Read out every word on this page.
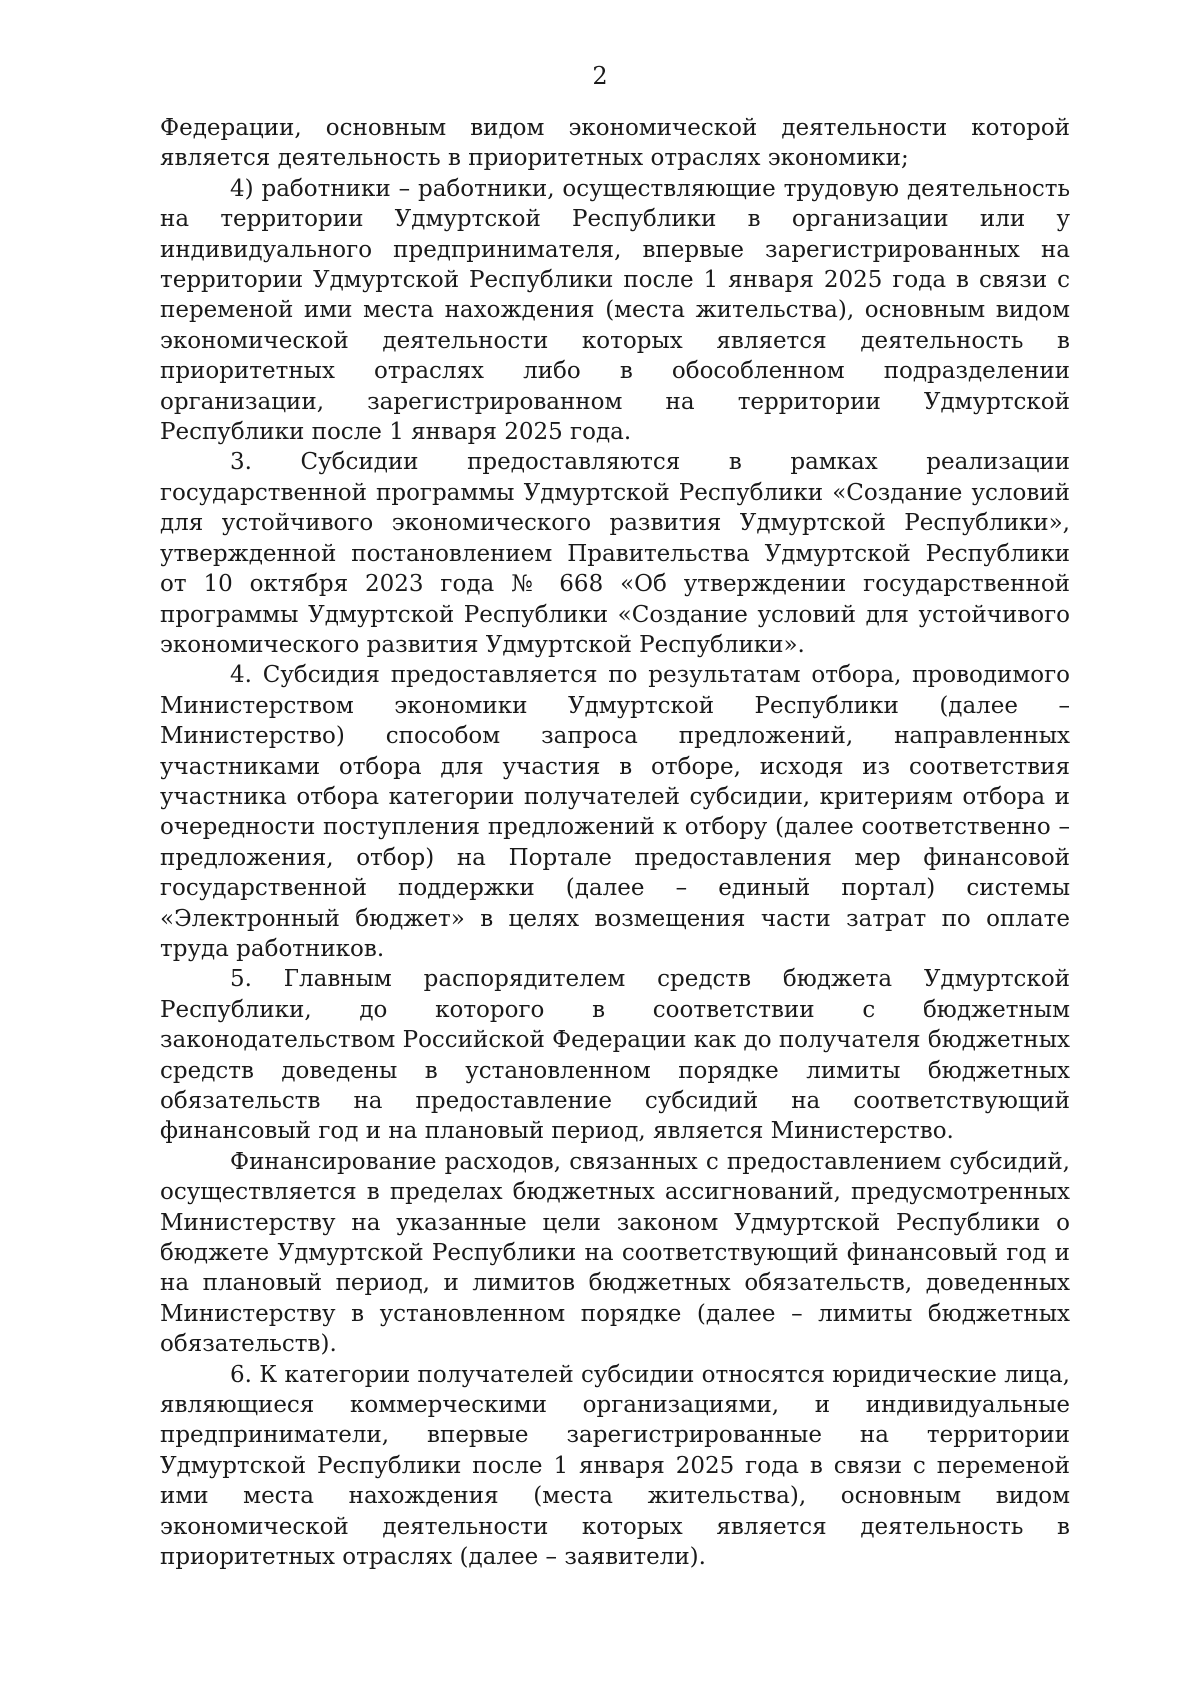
2

Федерации, основным видом экономической деятельности которой является деятельность в приоритетных отраслях экономики;

4) работники – работники, осуществляющие трудовую деятельность на территории Удмуртской Республики в организации или у индивидуального предпринимателя, впервые зарегистрированных на территории Удмуртской Республики после 1 января 2025 года в связи с переменой ими места нахождения (места жительства), основным видом экономической деятельности которых является деятельность в приоритетных отраслях либо в обособленном подразделении организации, зарегистрированном на территории Удмуртской Республики после 1 января 2025 года.

3. Субсидии предоставляются в рамках реализации государственной программы Удмуртской Республики «Создание условий для устойчивого экономического развития Удмуртской Республики», утвержденной постановлением Правительства Удмуртской Республики от 10 октября 2023 года № 668 «Об утверждении государственной программы Удмуртской Республики «Создание условий для устойчивого экономического развития Удмуртской Республики».

4. Субсидия предоставляется по результатам отбора, проводимого Министерством экономики Удмуртской Республики (далее – Министерство) способом запроса предложений, направленных участниками отбора для участия в отборе, исходя из соответствия участника отбора категории получателей субсидии, критериям отбора и очередности поступления предложений к отбору (далее соответственно – предложения, отбор) на Портале предоставления мер финансовой государственной поддержки (далее – единый портал) системы «Электронный бюджет» в целях возмещения части затрат по оплате труда работников.

5. Главным распорядителем средств бюджета Удмуртской Республики, до которого в соответствии с бюджетным законодательством Российской Федерации как до получателя бюджетных средств доведены в установленном порядке лимиты бюджетных обязательств на предоставление субсидий на соответствующий финансовый год и на плановый период, является Министерство.

Финансирование расходов, связанных с предоставлением субсидий, осуществляется в пределах бюджетных ассигнований, предусмотренных Министерству на указанные цели законом Удмуртской Республики о бюджете Удмуртской Республики на соответствующий финансовый год и на плановый период, и лимитов бюджетных обязательств, доведенных Министерству в установленном порядке (далее – лимиты бюджетных обязательств).

6. К категории получателей субсидии относятся юридические лица, являющиеся коммерческими организациями, и индивидуальные предприниматели, впервые зарегистрированные на территории Удмуртской Республики после 1 января 2025 года в связи с переменой ими места нахождения (места жительства), основным видом экономической деятельности которых является деятельность в приоритетных отраслях (далее – заявители).
